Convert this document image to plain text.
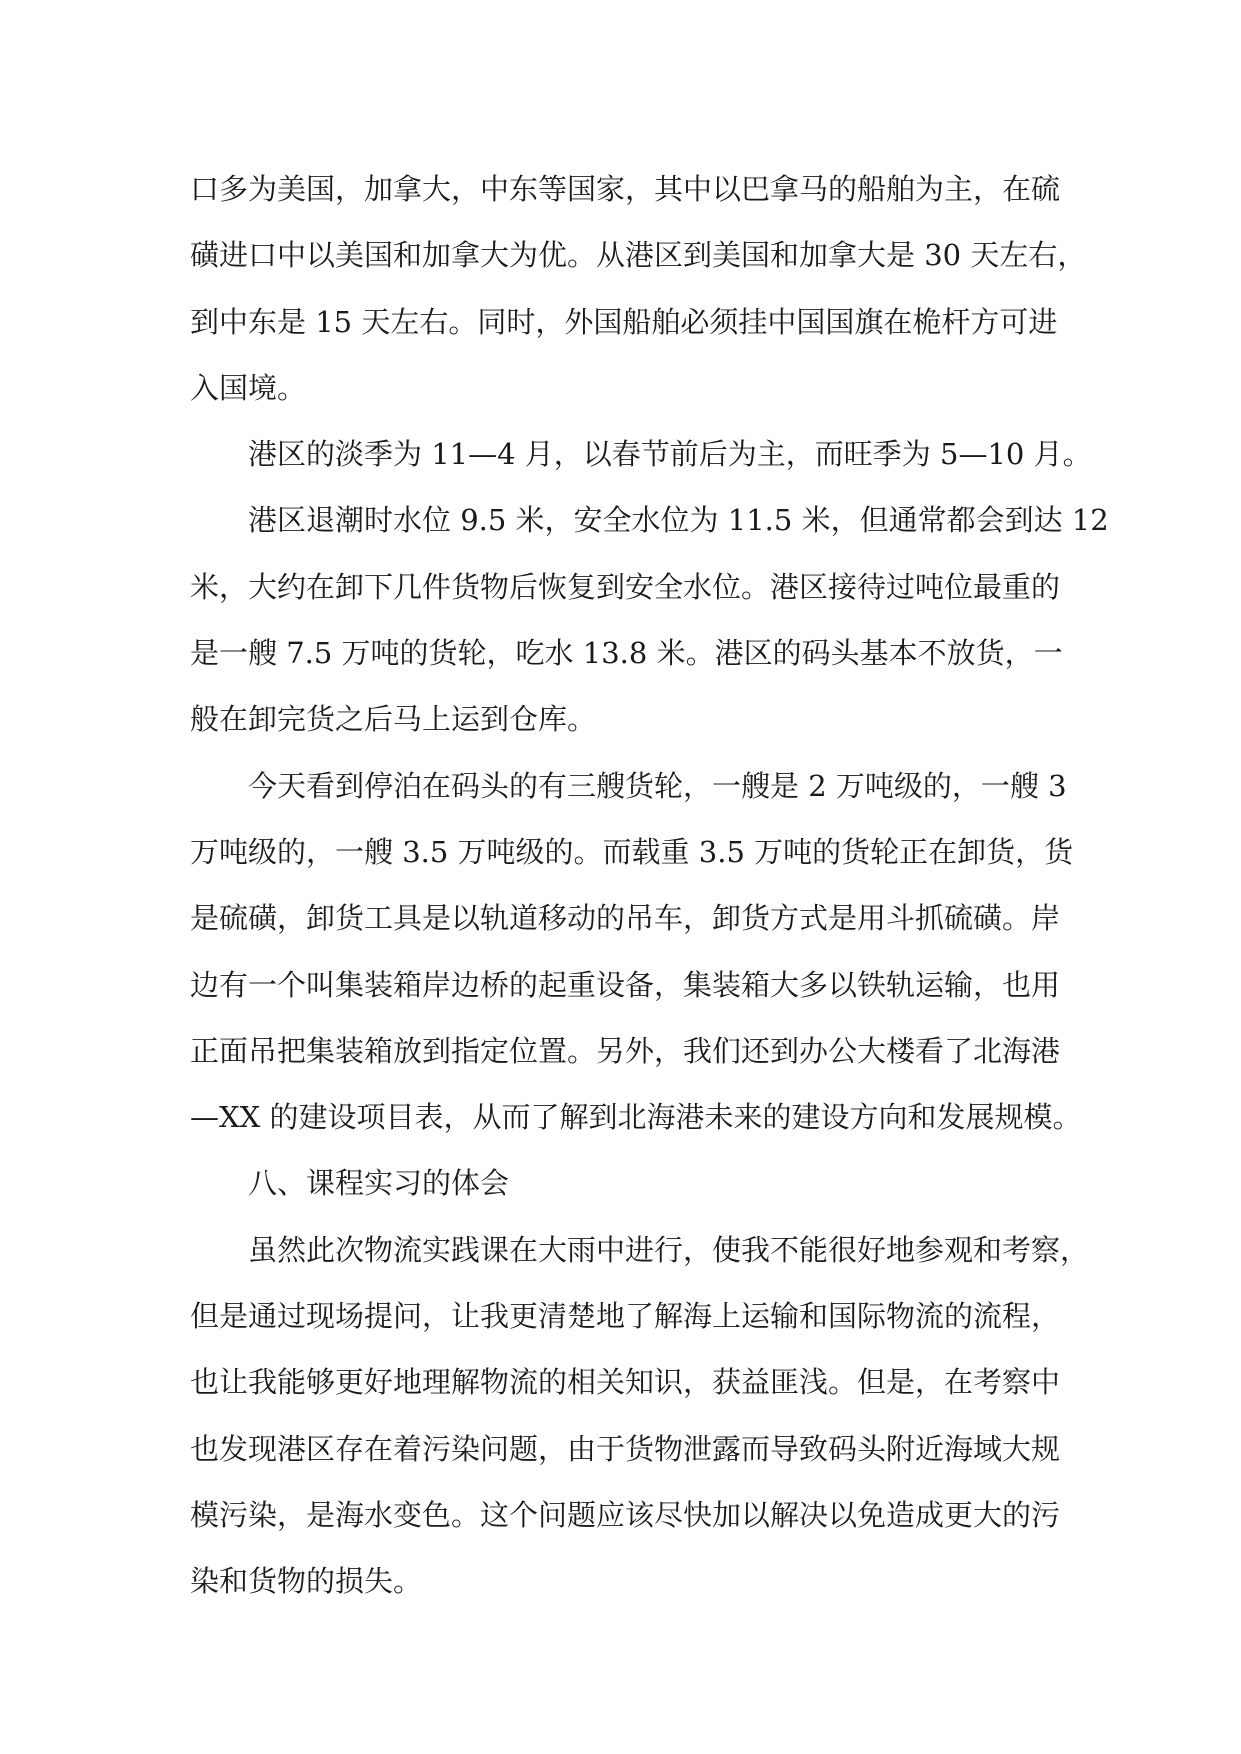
口多为美国，加拿大，中东等国家，其中以巴拿马的船舶为主，在硫
磺进口中以美国和加拿大为优。从港区到美国和加拿大是 30 天左右，
到中东是 15 天左右。同时，外国船舶必须挂中国国旗在桅杆方可进
入国境。
　　港区的淡季为 11—4 月，以春节前后为主，而旺季为 5—10 月。
　　港区退潮时水位 9.5 米，安全水位为 11.5 米，但通常都会到达 12
米，大约在卸下几件货物后恢复到安全水位。港区接待过吨位最重的
是一艘 7.5 万吨的货轮，吃水 13.8 米。港区的码头基本不放货，一
般在卸完货之后马上运到仓库。
　　今天看到停泊在码头的有三艘货轮，一艘是 2 万吨级的，一艘 3
万吨级的，一艘 3.5 万吨级的。而载重 3.5 万吨的货轮正在卸货，货
是硫磺，卸货工具是以轨道移动的吊车，卸货方式是用斗抓硫磺。岸
边有一个叫集装箱岸边桥的起重设备，集装箱大多以铁轨运输，也用
正面吊把集装箱放到指定位置。另外，我们还到办公大楼看了北海港
—XX 的建设项目表，从而了解到北海港未来的建设方向和发展规模。
　　八、课程实习的体会
　　虽然此次物流实践课在大雨中进行，使我不能很好地参观和考察，
但是通过现场提问，让我更清楚地了解海上运输和国际物流的流程，
也让我能够更好地理解物流的相关知识，获益匪浅。但是，在考察中
也发现港区存在着污染问题，由于货物泄露而导致码头附近海域大规
模污染，是海水变色。这个问题应该尽快加以解决以免造成更大的污
染和货物的损失。
